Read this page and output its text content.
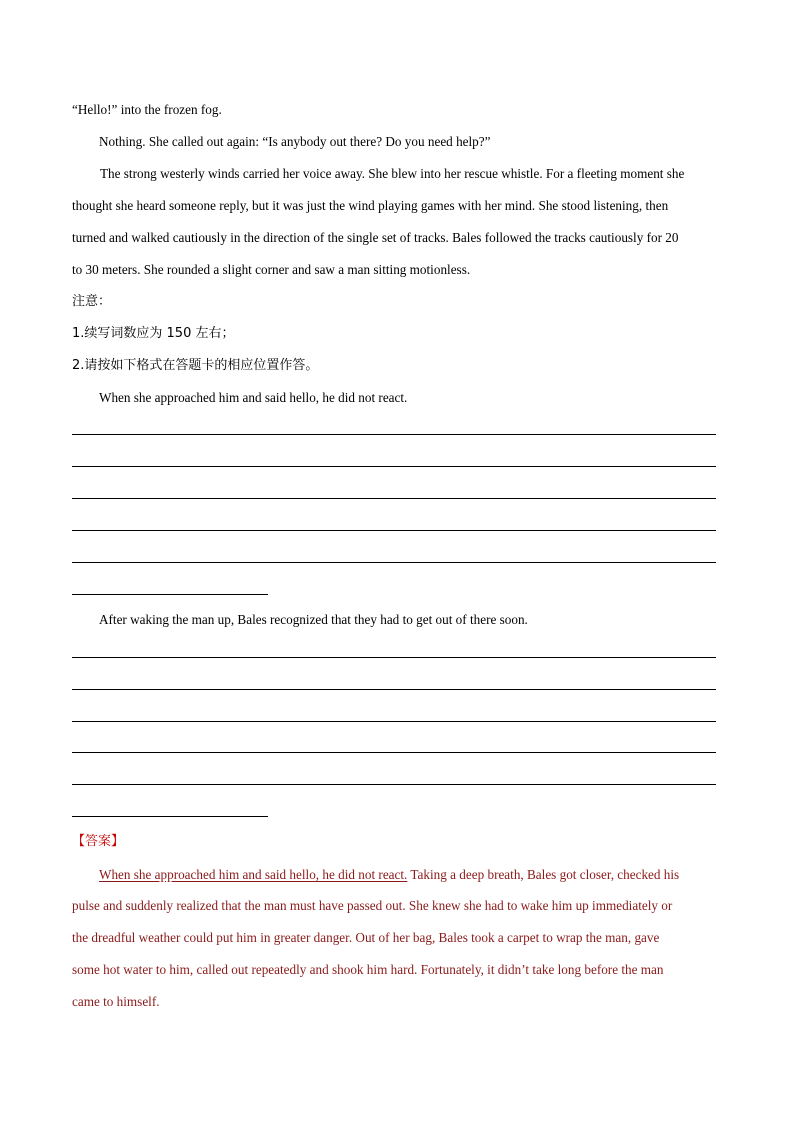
“Hello!” into the frozen fog.
Nothing. She called out again: “Is anybody out there? Do you need help?”
The strong westerly winds carried her voice away. She blew into her rescue whistle. For a fleeting moment she
thought she heard someone reply, but it was just the wind playing games with her mind. She stood listening, then
turned and walked cautiously in the direction of the single set of tracks. Bales followed the tracks cautiously for 20
to 30 meters. She rounded a slight corner and saw a man sitting motionless.
注意：
1.续写词数应为 150 左右；
2.请按如下格式在答题卡的相应位置作答。
When she approached him and said hello, he did not react.
After waking the man up, Bales recognized that they had to get out of there soon.
【答案】
When she approached him and said hello, he did not react. Taking a deep breath, Bales got closer, checked his
pulse and suddenly realized that the man must have passed out. She knew she had to wake him up immediately or
the dreadful weather could put him in greater danger. Out of her bag, Bales took a carpet to wrap the man, gave
some hot water to him, called out repeatedly and shook him hard. Fortunately, it didn’t take long before the man
came to himself.
